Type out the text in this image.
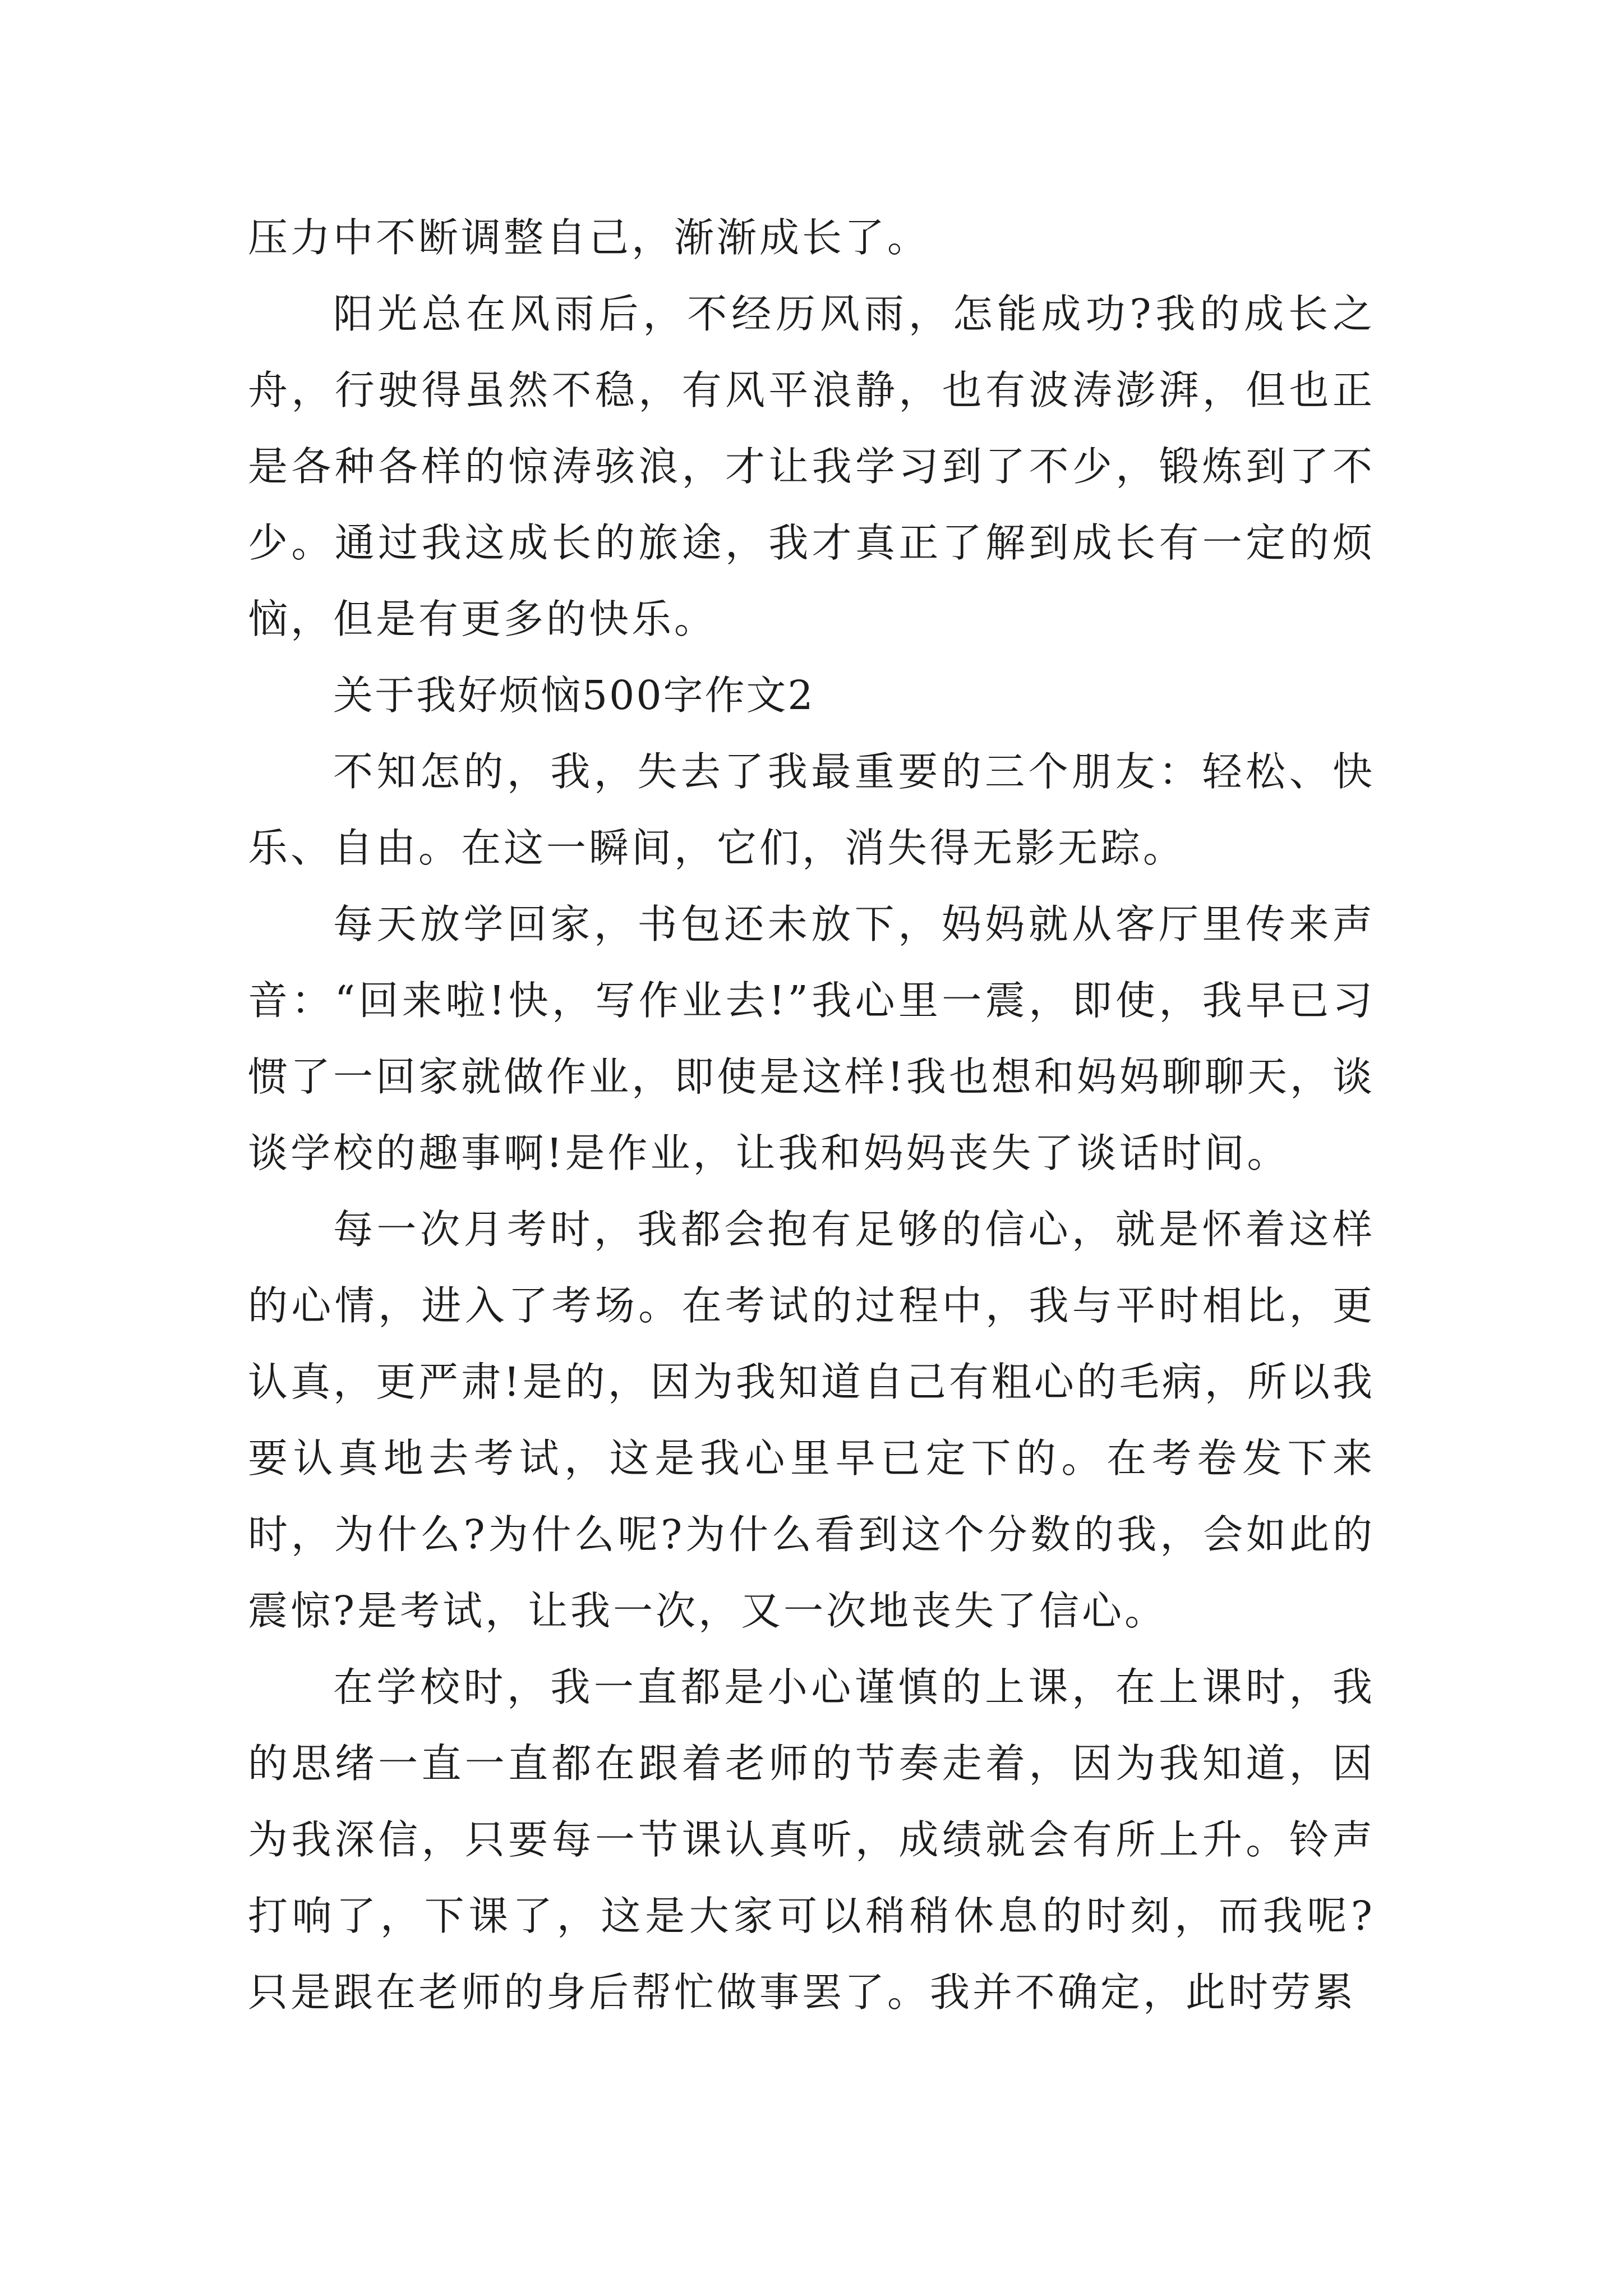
压力中不断调整自己，渐渐成长了。

阳光总在风雨后，不经历风雨，怎能成功?我的成长之舟，行驶得虽然不稳，有风平浪静，也有波涛澎湃，但也正是各种各样的惊涛骇浪，才让我学习到了不少，锻炼到了不少。通过我这成长的旅途，我才真正了解到成长有一定的烦恼，但是有更多的快乐。

关于我好烦恼500字作文2

不知怎的，我，失去了我最重要的三个朋友：轻松、快乐、自由。在这一瞬间，它们，消失得无影无踪。

每天放学回家，书包还未放下，妈妈就从客厅里传来声音：“回来啦!快，写作业去!”我心里一震，即使，我早已习惯了一回家就做作业，即使是这样!我也想和妈妈聊聊天，谈谈学校的趣事啊!是作业，让我和妈妈丧失了谈话时间。

每一次月考时，我都会抱有足够的信心，就是怀着这样的心情，进入了考场。在考试的过程中，我与平时相比，更认真，更严肃!是的，因为我知道自己有粗心的毛病，所以我要认真地去考试，这是我心里早已定下的。在考卷发下来时，为什么?为什么呢?为什么看到这个分数的我，会如此的震惊?是考试，让我一次，又一次地丧失了信心。

在学校时，我一直都是小心谨慎的上课，在上课时，我的思绪一直一直都在跟着老师的节奏走着，因为我知道，因为我深信，只要每一节课认真听，成绩就会有所上升。铃声打响了，下课了，这是大家可以稍稍休息的时刻，而我呢?只是跟在老师的身后帮忙做事罢了。我并不确定，此时劳累
